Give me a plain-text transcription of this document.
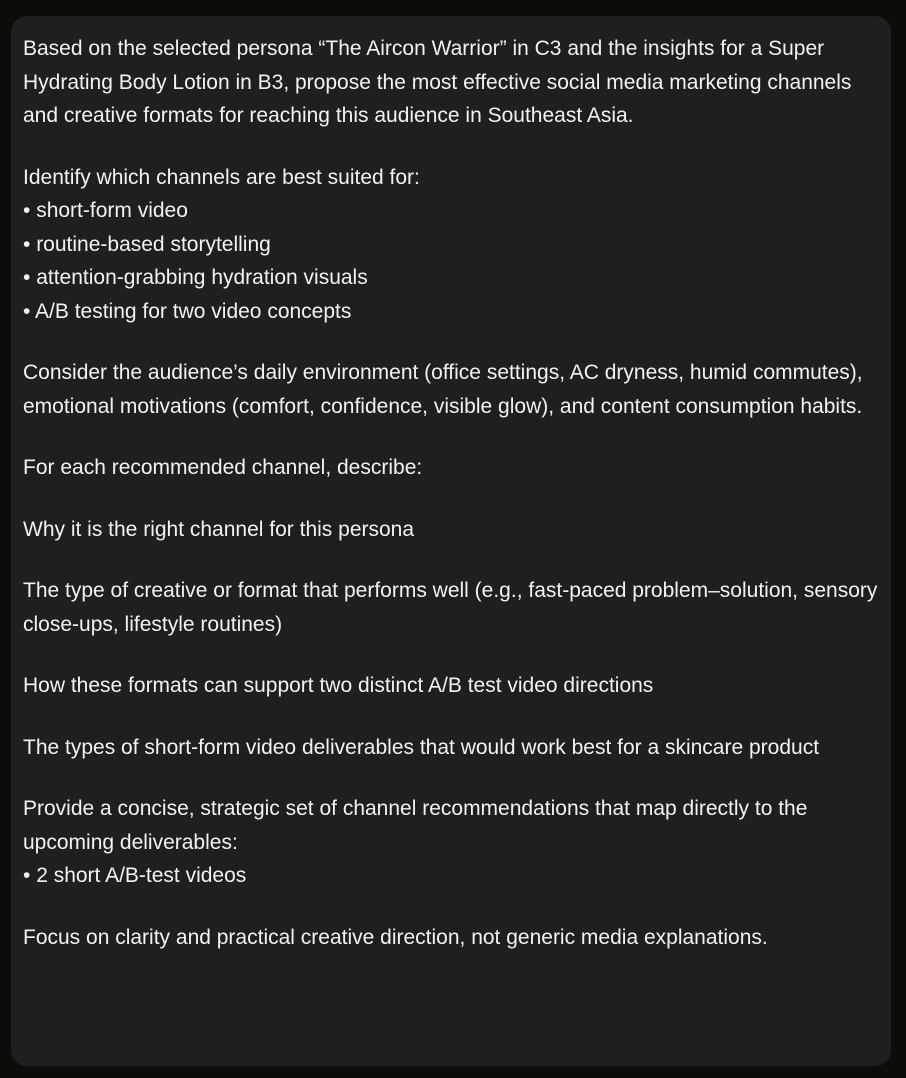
Based on the selected persona “The Aircon Warrior” in C3 and the insights for a Super Hydrating Body Lotion in B3, propose the most effective social media marketing channels and creative formats for reaching this audience in Southeast Asia.

Identify which channels are best suited for:
• short-form video
• routine-based storytelling
• attention-grabbing hydration visuals
• A/B testing for two video concepts

Consider the audience’s daily environment (office settings, AC dryness, humid commutes), emotional motivations (comfort, confidence, visible glow), and content consumption habits.

For each recommended channel, describe:

Why it is the right channel for this persona

The type of creative or format that performs well (e.g., fast-paced problem–solution, sensory close-ups, lifestyle routines)

How these formats can support two distinct A/B test video directions

The types of short-form video deliverables that would work best for a skincare product

Provide a concise, strategic set of channel recommendations that map directly to the upcoming deliverables:
• 2 short A/B-test videos

Focus on clarity and practical creative direction, not generic media explanations.
